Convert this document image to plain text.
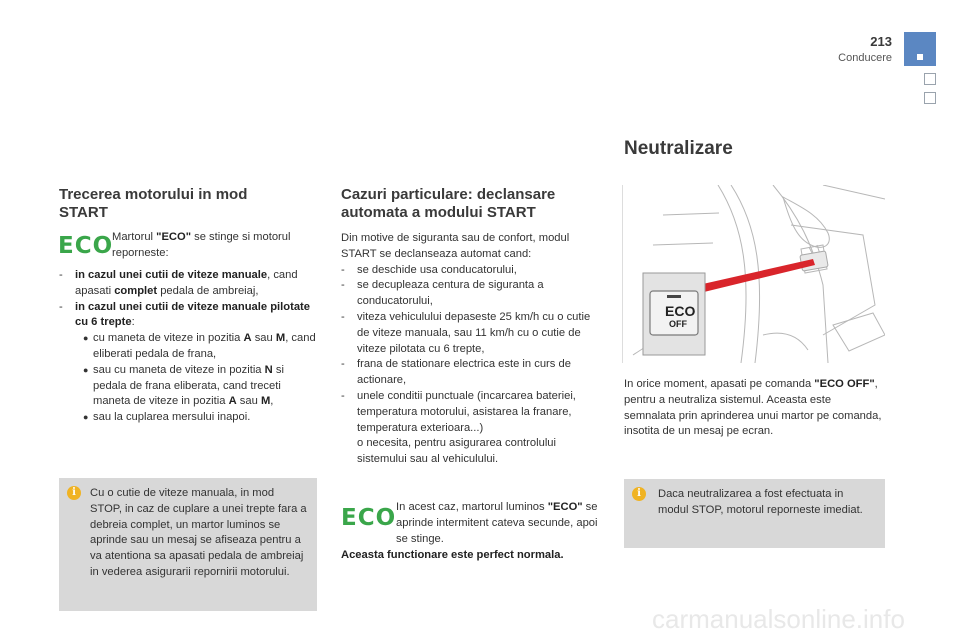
213
Conducere
Trecerea motorului in mod START
ECO
Martorul "ECO" se stinge si motorul reporneste:
- in cazul unei cutii de viteze manuale, cand apasati complet pedala de ambreiaj,
- in cazul unei cutii de viteze manuale pilotate cu 6 trepte:
● cu maneta de viteze in pozitia A sau M, cand eliberati pedala de frana,
● sau cu maneta de viteze in pozitia N si pedala de frana eliberata, cand treceti maneta de viteze in pozitia A sau M,
● sau la cuplarea mersului inapoi.
i	Cu o cutie de viteze manuala, in mod STOP, in caz de cuplare a unei trepte fara a debreia complet, un martor luminos se aprinde sau un mesaj se afiseaza pentru a va atentiona sa apasati pedala de ambreiaj in vederea asigurarii repornirii motorului.
Cazuri particulare: declansare automata a modului START
Din motive de siguranta sau de confort, modul START se declanseaza automat cand:
- se deschide usa conducatorului,
- se decupleaza centura de siguranta a conducatorului,
- viteza vehiculului depaseste 25 km/h cu o cutie de viteze manuala, sau 11 km/h cu o cutie de viteze pilotata cu 6 trepte,
- frana de stationare electrica este in curs de actionare,
- unele conditii punctuale (incarcarea bateriei, temperatura motorului, asistarea la franare, temperatura exterioara...)
o necesita, pentru asigurarea controlului sistemului sau al vehiculului.
ECO In acest caz, martorul luminos "ECO" se aprinde intermitent cateva secunde, apoi se stinge.
Aceasta functionare este perfect normala.
Neutralizare
ECO
OFF
In orice moment, apasati pe comanda "ECO OFF", pentru a neutraliza sistemul. Aceasta este semnalata prin aprinderea unui martor pe comanda, insotita de un mesaj pe ecran.
i	Daca neutralizarea a fost efectuata in modul STOP, motorul reporneste imediat.
carmanualsonline.info
